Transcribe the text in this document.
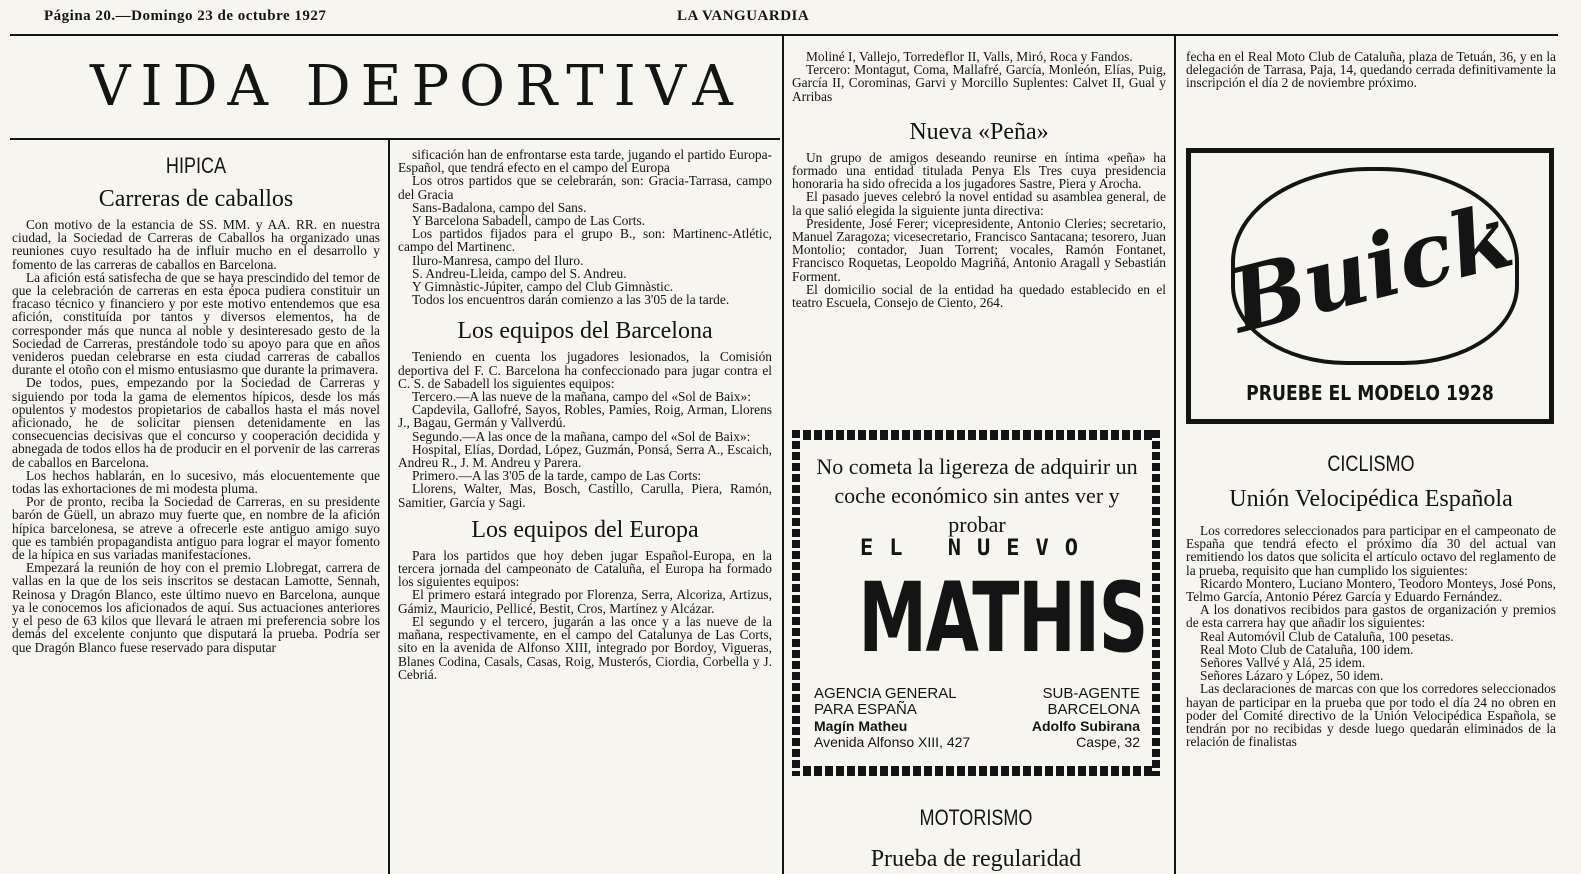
Página 20.—Domingo 23 de octubre 1927	LA VANGUARDIA
VIDA DEPORTIVA
HIPICA
Carreras de caballos

Con motivo de la estancia de SS. MM. y AA. RR. en nuestra ciudad, la Sociedad de Carreras de Caballos ha organizado unas reuniones cuyo resultado ha de influir mucho en el desarrollo y fomento de las carreras de caballos en Barcelona.

La afición está satisfecha de que se haya prescindido del temor de que la celebración de carreras en esta época pudiera constituir un fracaso técnico y financiero y por este motivo entendemos que esa afición, constituída por tantos y diversos elementos, ha de corresponder más que nunca al noble y desinteresado gesto de la Sociedad de Carreras, prestándole todo su apoyo para que en años venideros puedan celebrarse en esta ciudad carreras de caballos durante el otoño con el mismo entusiasmo que durante la primavera.

De todos, pues, empezando por la Sociedad de Carreras y siguiendo por toda la gama de elementos hípicos, desde los más opulentos y modestos propietarios de caballos hasta el más novel aficionado, he de solicitar piensen detenidamente en las consecuencias decisivas que el concurso y cooperación decidida y abnegada de todos ellos ha de producir en el porvenir de las carreras de caballos en Barcelona.

Los hechos hablarán, en lo sucesivo, más elocuentemente que todas las exhortaciones de mi modesta pluma.

Por de pronto, reciba la Sociedad de Carreras, en su presidente barón de Güell, un abrazo muy fuerte que, en nombre de la afición hípica barcelonesa, se atreve a ofrecerle este antiguo amigo suyo que es también propagandista antiguo para lograr el mayor fomento de la hípica en sus variadas manifestaciones.

Empezará la reunión de hoy con el premio Llobregat, carrera de vallas en la que de los seis inscritos se destacan Lamotte, Sennah, Reinosa y Dragón Blanco, este último nuevo en Barcelona, aunque ya le conocemos los aficionados de aquí. Sus actuaciones anteriores y el peso de 63 kilos que llevará le atraen mi preferencia sobre los demás del excelente conjunto que disputará la prueba. Podría ser que Dragón Blanco fuese reservado para disputar

sificación han de enfrontarse esta tarde, jugando el partido Europa-Español, que tendrá efecto en el campo del Europa

Los otros partidos que se celebrarán, son: Gracia-Tarrasa, campo del Gracia

Sans-Badalona, campo del Sans.

Y Barcelona Sabadell, campo de Las Corts.

Los partidos fijados para el grupo B., son: Martinenc-Atlétic, campo del Martinenc.

Iluro-Manresa, campo del Iluro.

S. Andreu-Lleida, campo del S. Andreu.

Y Gimnàstic-Júpiter, campo del Club Gimnàstic.

Todos los encuentros darán comienzo a las 3'05 de la tarde.

Los equipos del Barcelona

Teniendo en cuenta los jugadores lesionados, la Comisión deportiva del F. C. Barcelona ha confeccionado para jugar contra el C. S. de Sabadell los siguientes equipos:

Tercero.—A las nueve de la mañana, campo del «Sol de Baix»:

Capdevila, Gallofré, Sayos, Robles, Pamies, Roig, Arman, Llorens J., Bagau, Germán y Vallverdú.

Segundo.—A las once de la mañana, campo del «Sol de Baix»:

Hospital, Elías, Dordad, López, Guzmán, Ponsá, Serra A., Escaich, Andreu R., J. M. Andreu y Parera.

Primero.—A las 3'05 de la tarde, campo de Las Corts:

Llorens, Walter, Mas, Bosch, Castillo, Carulla, Piera, Ramón, Samitier, García y Sagi.

Los equipos del Europa

Para los partidos que hoy deben jugar Español-Europa, en la tercera jornada del campeonato de Cataluña, el Europa ha formado los siguientes equipos:

El primero estará integrado por Florenza, Serra, Alcoriza, Artizus, Gámiz, Mauricio, Pellicé, Bestit, Cros, Martínez y Alcázar.

El segundo y el tercero, jugarán a las once y a las nueve de la mañana, respectivamente, en el campo del Catalunya de Las Corts, sito en la avenida de Alfonso XIII, integrado por Bordoy, Vigueras, Blanes Codina, Casals, Casas, Roig, Musterós, Ciordia, Corbella y J. Cebriá.

Moliné I, Vallejo, Torredeflor II, Valls, Miró, Roca y Fandos.

Tercero: Montagut, Coma, Mallafré, García, Monleón, Elías, Puig, García II, Corominas, Garvi y Morcillo Suplentes: Calvet II, Gual y Arribas

Nueva «Peña»

Un grupo de amigos deseando reunirse en íntima «peña» ha formado una entidad titulada Penya Els Tres cuya presidencia honoraria ha sido ofrecida a los jugadores Sastre, Piera y Arocha.

El pasado jueves celebró la novel entidad su asamblea general, de la que salió elegida la siguiente junta directiva:

Presidente, José Ferer; vicepresidente, Antonio Cleries; secretario, Manuel Zaragoza; vicesecretario, Francisco Santacana; tesorero, Juan Montolio; contador, Juan Torrent; vocales, Ramón Fontanet, Francisco Roquetas, Leopoldo Magriñá, Antonio Aragall y Sebastián Forment.

El domicilio social de la entidad ha quedado establecido en el teatro Escuela, Consejo de Ciento, 264.

No cometa la ligereza de adquirir un coche económico sin antes ver y probar
EL NUEVO
MATHIS
AGENCIA GENERAL
PARA ESPAÑA
Magín Matheu
Avenida Alfonso XIII, 427
SUB-AGENTE
BARCELONA
Adolfo Subirana
Caspe, 32
MOTORISMO
Prueba de regularidad

fecha en el Real Moto Club de Cataluña, plaza de Tetuán, 36, y en la delegación de Tarrasa, Paja, 14, quedando cerrada definitivamente la inscripción el día 2 de noviembre próximo.

Buick
PRUEBE EL MODELO 1928
CICLISMO
Unión Velocipédica Española

Los corredores seleccionados para participar en el campeonato de España que tendrá efecto el próximo día 30 del actual van remitiendo los datos que solicita el artículo octavo del reglamento de la prueba, requisito que han cumplido los siguientes:

Ricardo Montero, Luciano Montero, Teodoro Monteys, José Pons, Telmo García, Antonio Pérez García y Eduardo Fernández.

A los donativos recibidos para gastos de organización y premios de esta carrera hay que añadir los siguientes:

Real Automóvil Club de Cataluña, 100 pesetas.

Real Moto Club de Cataluña, 100 idem.

Señores Vallvé y Alá, 25 idem.

Señores Lázaro y López, 50 idem.

Las declaraciones de marcas con que los corredores seleccionados hayan de participar en la prueba que por todo el día 24 no obren en poder del Comité directivo de la Unión Velocipédica Española, se tendrán por no recibidas y desde luego quedarán eliminados de la relación de finalistas
